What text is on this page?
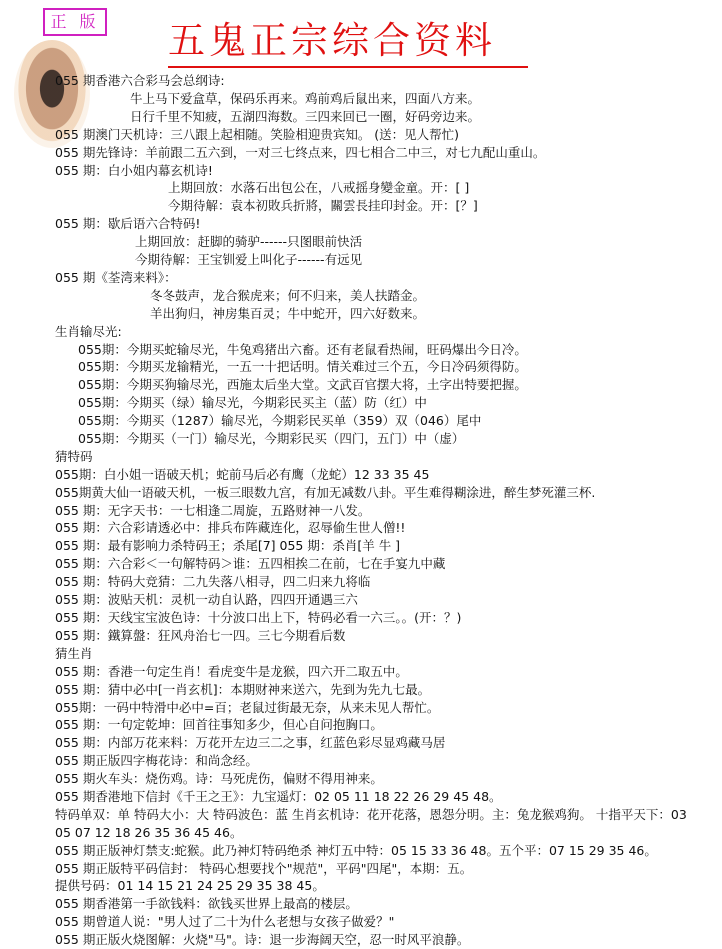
正 版 五鬼正宗综合资料
055 期香港六合彩马会总纲诗:
牛上马下爱盒草，保码乐再来。鸡前鸡后鼠出来，四面八方来。
日行千里不知疲，五湖四海数。三四来回已一圈，好码旁边来。
055 期澳门天机诗：三八跟上起相随。笑脸相迎贵宾知。 (送：见人帮忙)
055 期先锋诗：羊前跟二五六到，一对三七终点来，四七相合二中三，对七九配山重山。
055 期：白小姐内幕玄机诗!
上期回放：水落石出包公在，八戒摇身變金童。开：[ ]
今期待解：袁本初敗兵折將，關雲長挂印封金。开：[？]
055 期：歇后语六合特码!
上期回放：赶脚的骑驴------只图眼前快活
今期待解：王宝钏爱上叫化子------有远见
055 期《荃湾来料》：
冬冬鼓声，龙合猴虎来；何不归来，美人扶踏金。
羊出狗归，神房集百灵；牛中蛇开，四六好数来。
生肖输尽光:
055期：今期买蛇输尽光，牛兔鸡猪出六畜。还有老鼠看热闹，旺码爆出今日冷。
055期：今期买龙输精光，一五一十把话明。情关难过三个五，今日冷码须得防。
055期：今期买狗输尽光，西施太后坐大堂。文武百官摆大将，土字出特要把握。
055期：今期买（绿）输尽光，今期彩民买主（蓝）防（红）中
055期：今期买（1287）输尽光，今期彩民买单（359）双（046）尾中
055期：今期买（一门）输尽光，今期彩民买（四门，五门）中（虚）
猜特码
055期：白小姐一语破天机；蛇前马后必有鹰（龙蛇）12 33 35 45
055期黄大仙一语破天机，一板三眼数九宫，有加无减数八卦。平生难得糊涂进，醉生梦死灌三杯.
055 期：无字天书：一七相逢二周旋，五路财神一八发。
055 期：六合彩请透必中：排兵布阵藏连化，忍辱偷生世人僧!!
055 期：最有影响力杀特码王；杀尾[7] 055 期：杀肖[羊 牛 ]
055 期：六合彩＜一句解特码＞谁：五四相挨二在前，七在手宴九中藏
055 期：特码大竞猜：二九失落八相寻，四二归来九将临
055 期：波贴天机：灵机一动自认路，四四开通遇三六
055 期：天线宝宝波色诗：十分波口出上下，特码必看一六三。。(开：？)
055 期：鐵算盤：狂风舟治七一四。三七今期看后数
猜生肖
055 期：香港一句定生肖！看虎变牛是龙猴，四六开二取五中。
055 期：猜中必中[一肖玄机]：本期财神来送六，先到为先九七最。
055期：一码中特滑中必中=百；老鼠过街最无奈，从来未见人帮忙。
055 期：一句定乾坤：回首往事知多少，但心自问抱胸口。
055 期：内部万花来料：万花开左边三二之事，红蓝色彩尽显鸡藏马居
055 期正版四字梅花诗：和尚念经。
055 期火车头：烧伤鸡。诗：马死虎伤，偏财不得用神来。
055 期香港地下信封《千王之王》：九宝遥灯：02 05 11 18 22 26 29 45 48。
特码单双：单 特码大小：大 特码波色：蓝 生肖玄机诗：花开花落，恩怨分明。主：兔龙猴鸡狗。 十指平天下：03
05 07 12 18 26 35 36 45 46。
055 期正版神灯禁支:蛇猴。此乃神灯特码绝杀 神灯五中特：05 15 33 36 48。五个平：07 15 29 35 46。
055 期正版特平码信封： 特码心想要找个"规范"，平码"四尾"，本期：五。
提供号码：01 14 15 21 24 25 29 35 38 45。
055 期香港第一手欲钱料：欲钱买世界上最高的楼层。
055 期曾道人说："男人过了二十为什么老想与女孩子做爱？"
055 期正版火烧图解：火烧"马"。诗：退一步海阔天空，忍一时风平浪静。
